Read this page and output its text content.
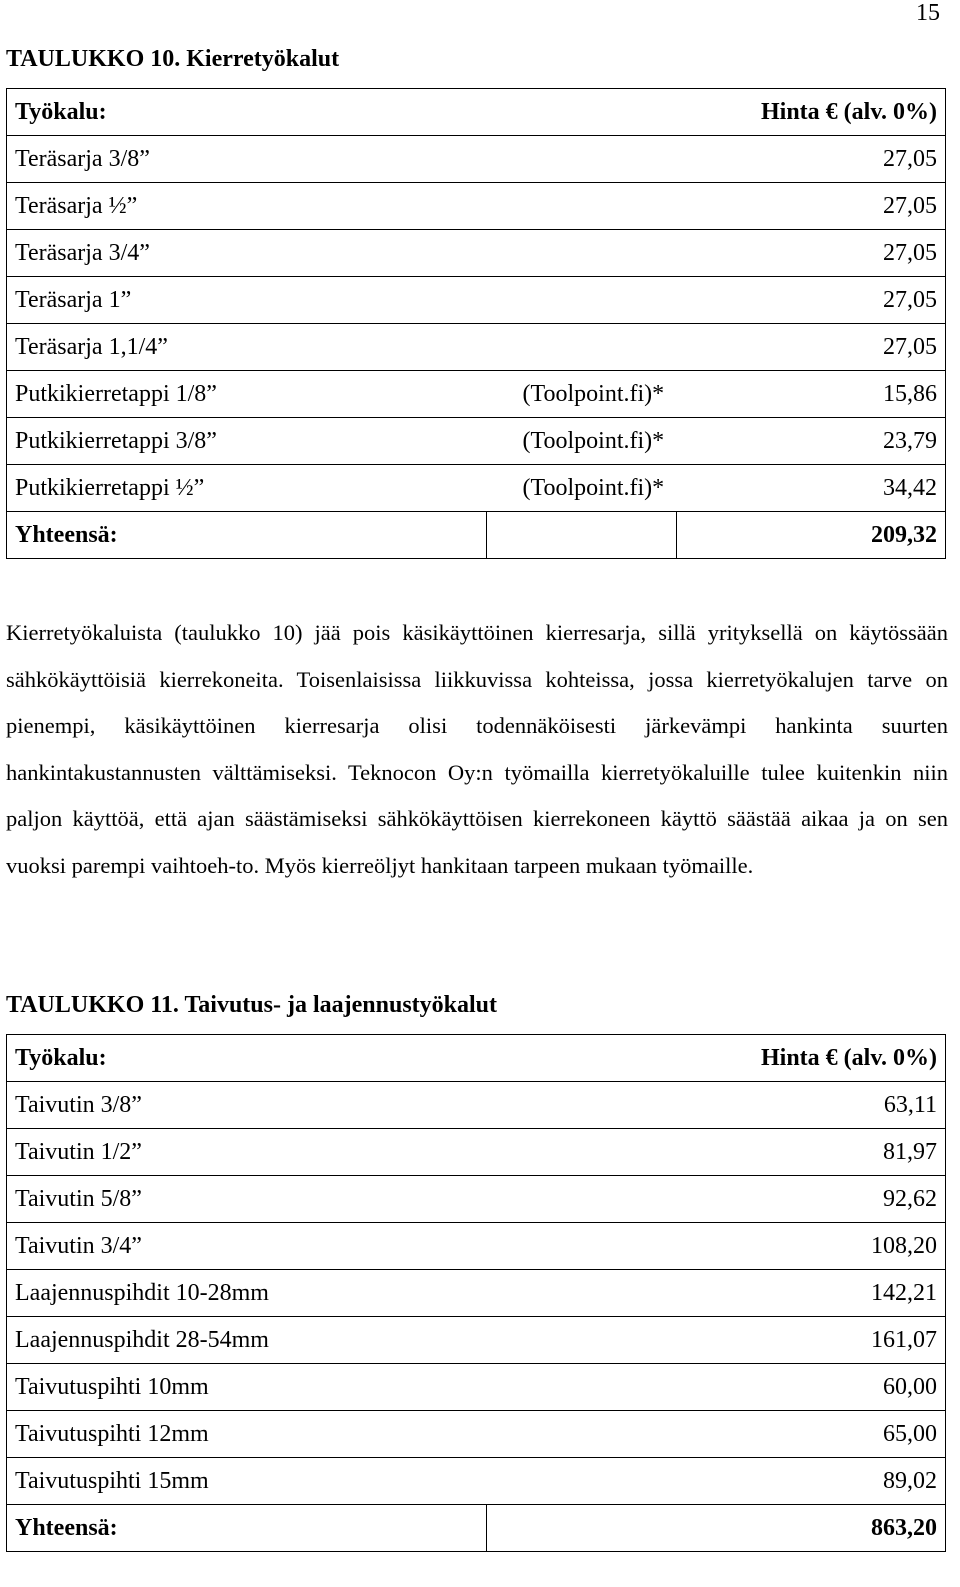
15
TAULUKKO 10. Kierretyökalut
Työkalu:		Hinta € (alv. 0%)
Teräsarja 3/8”		27,05
Teräsarja ½”		27,05
Teräsarja 3/4”		27,05
Teräsarja 1”		27,05
Teräsarja 1,1/4”		27,05
Putkikierretappi 1/8”	(Toolpoint.fi)*	15,86
Putkikierretappi 3/8”	(Toolpoint.fi)*	23,79
Putkikierretappi ½”	(Toolpoint.fi)*	34,42
Yhteensä:		209,32

Kierretyökaluista (taulukko 10) jää pois käsikäyttöinen kierresarja, sillä yrityksellä on käytössään sähkökäyttöisiä kierrekoneita. Toisenlaisissa liikkuvissa kohteissa, jossa kierretyökalujen tarve on pienempi, käsikäyttöinen kierresarja olisi todennäköisesti järkevämpi hankinta suurten hankintakustannusten välttämiseksi. Teknocon Oy:n työmailla kierretyökaluille tulee kuitenkin niin paljon käyttöä, että ajan säästämiseksi sähkökäyttöisen kierrekoneen käyttö säästää aikaa ja on sen vuoksi parempi vaihtoeh-to. Myös kierreöljyt hankitaan tarpeen mukaan työmaille.

TAULUKKO 11. Taivutus- ja laajennustyökalut
Työkalu:	Hinta € (alv. 0%)
Taivutin 3/8”	63,11
Taivutin 1/2”	81,97
Taivutin 5/8”	92,62
Taivutin 3/4”	108,20
Laajennuspihdit 10-28mm	142,21
Laajennuspihdit 28-54mm	161,07
Taivutuspihti 10mm	60,00
Taivutuspihti 12mm	65,00
Taivutuspihti 15mm	89,02
Yhteensä:	863,20
